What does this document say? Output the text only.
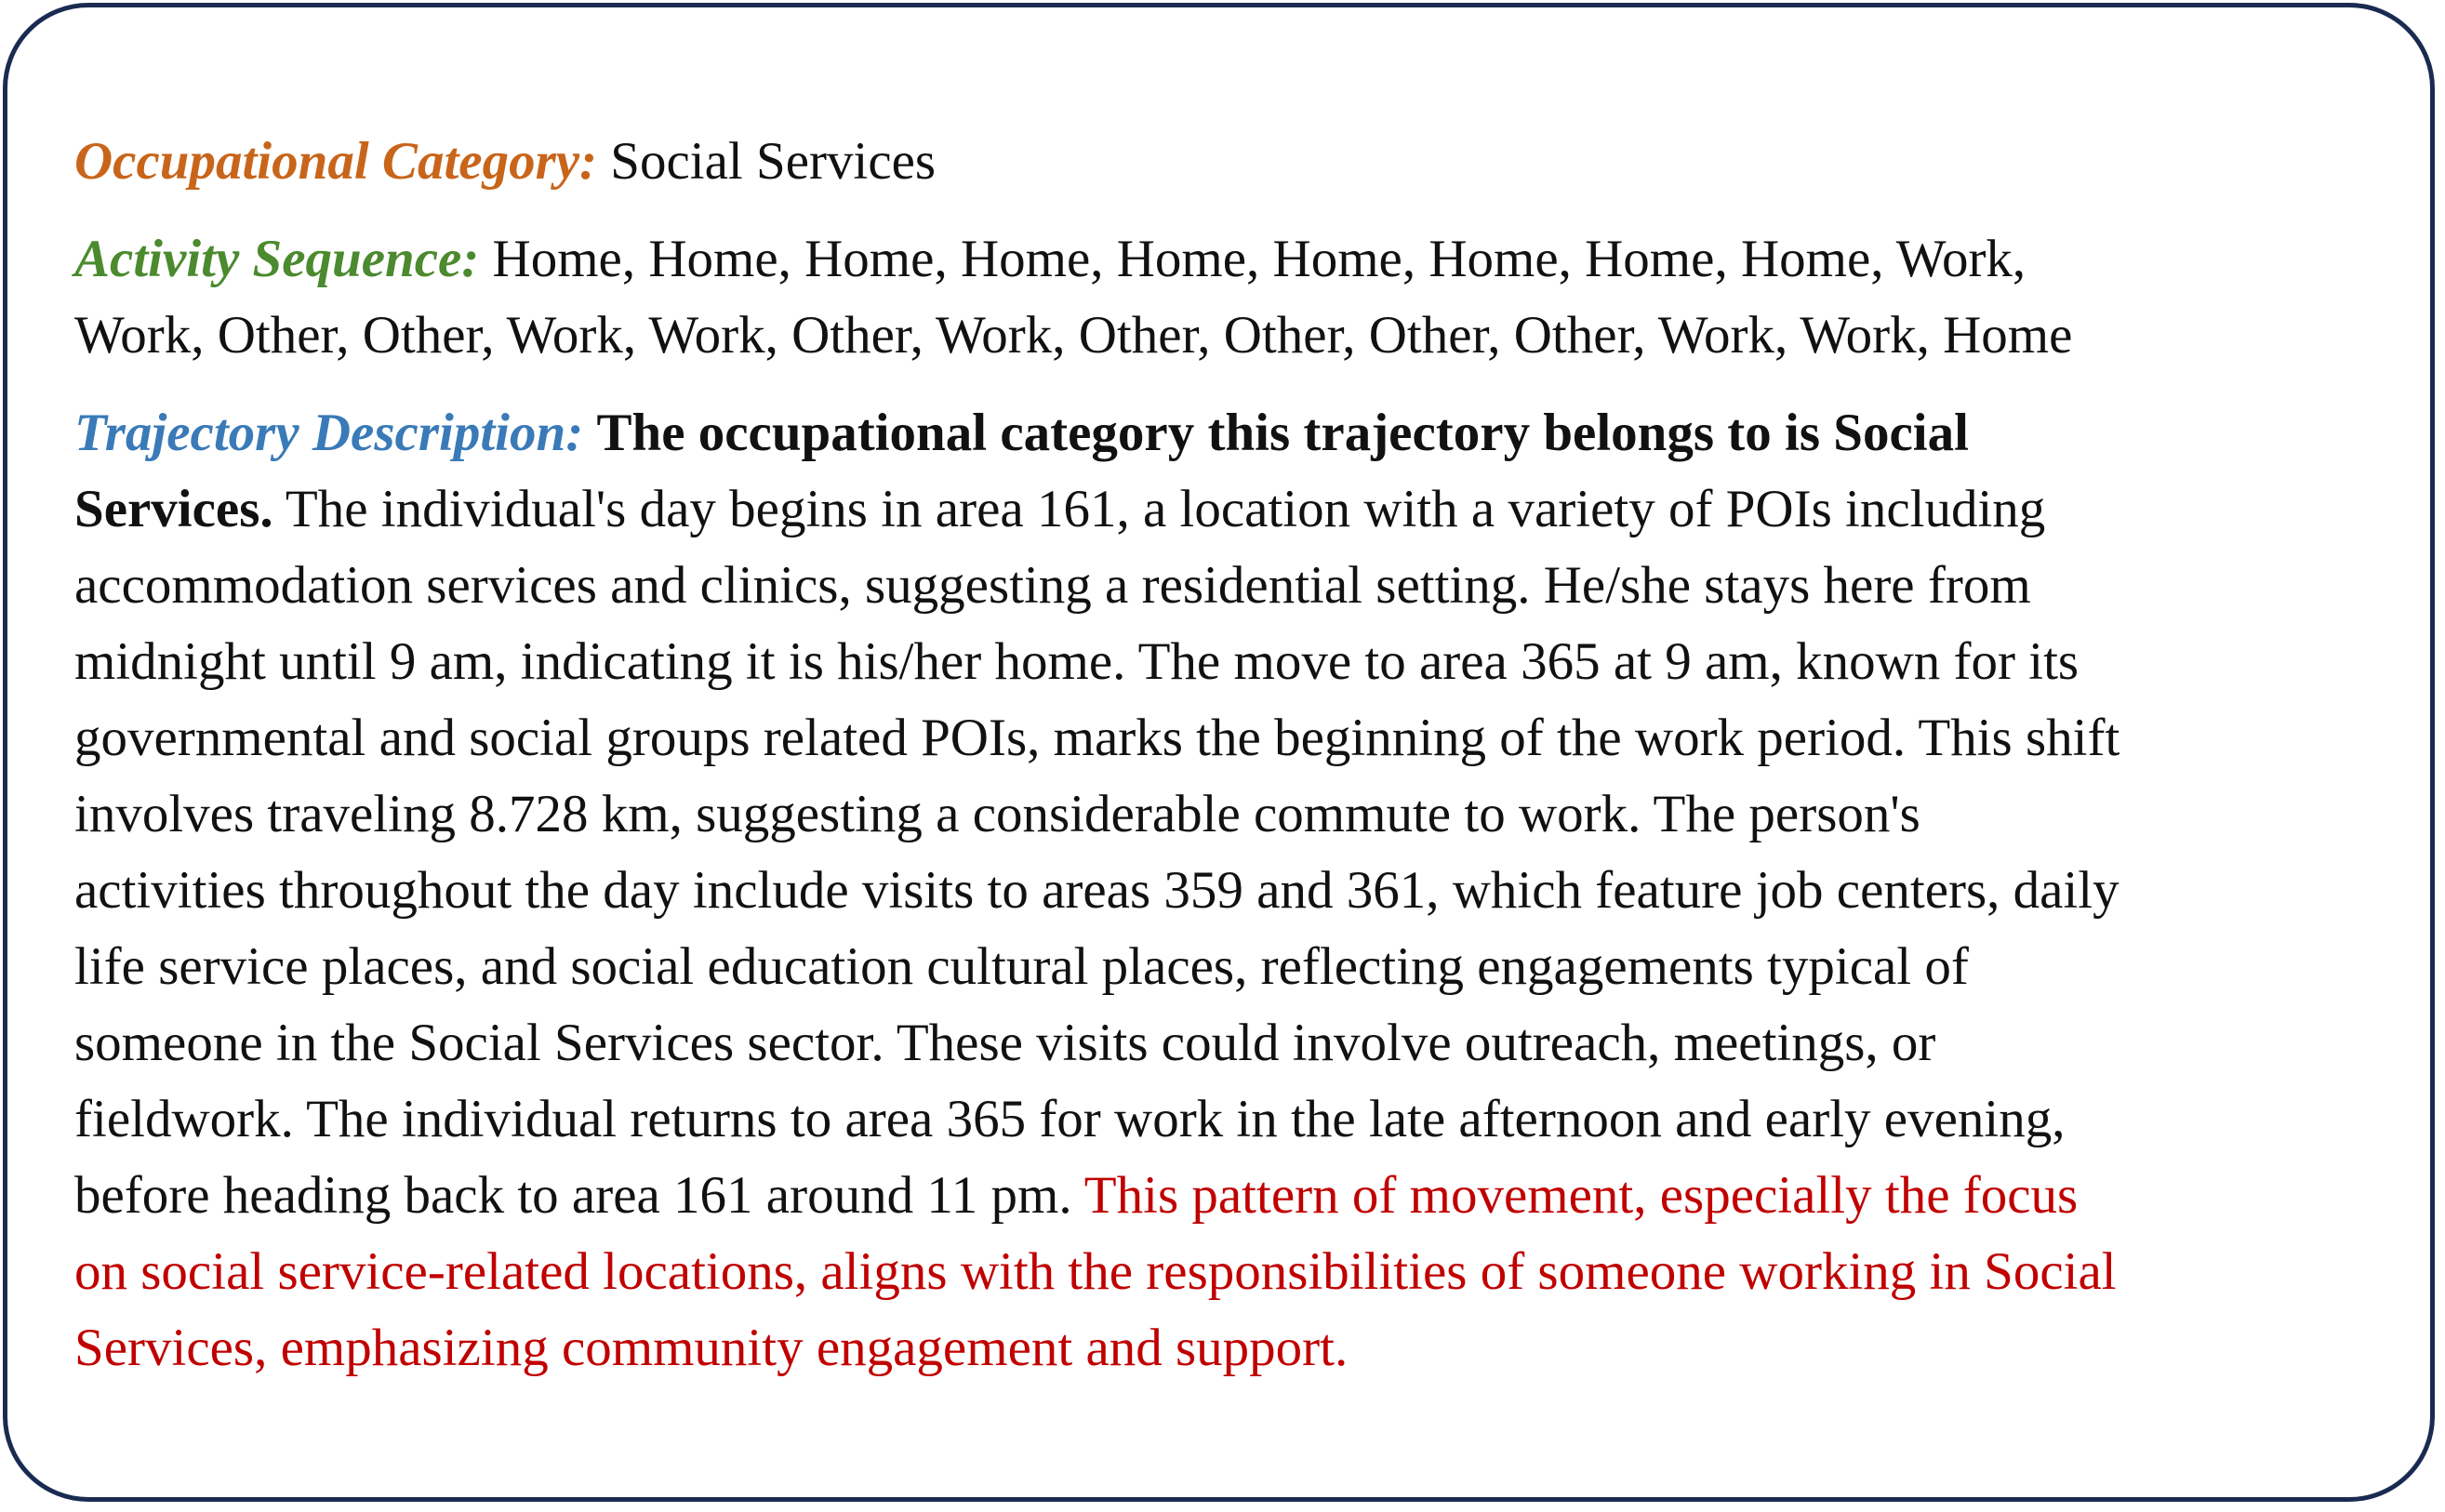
Occupational Category: Social Services
Activity Sequence: Home, Home, Home, Home, Home, Home, Home, Home, Home, Work,
Work, Other, Other, Work, Work, Other, Work, Other, Other, Other, Other, Work, Work, Home
Trajectory Description: The occupational category this trajectory belongs to is Social
Services. The individual's day begins in area 161, a location with a variety of POIs including
accommodation services and clinics, suggesting a residential setting. He/she stays here from
midnight until 9 am, indicating it is his/her home. The move to area 365 at 9 am, known for its
governmental and social groups related POIs, marks the beginning of the work period. This shift
involves traveling 8.728 km, suggesting a considerable commute to work. The person's
activities throughout the day include visits to areas 359 and 361, which feature job centers, daily
life service places, and social education cultural places, reflecting engagements typical of
someone in the Social Services sector. These visits could involve outreach, meetings, or
fieldwork. The individual returns to area 365 for work in the late afternoon and early evening,
before heading back to area 161 around 11 pm. This pattern of movement, especially the focus
on social service-related locations, aligns with the responsibilities of someone working in Social
Services, emphasizing community engagement and support.
